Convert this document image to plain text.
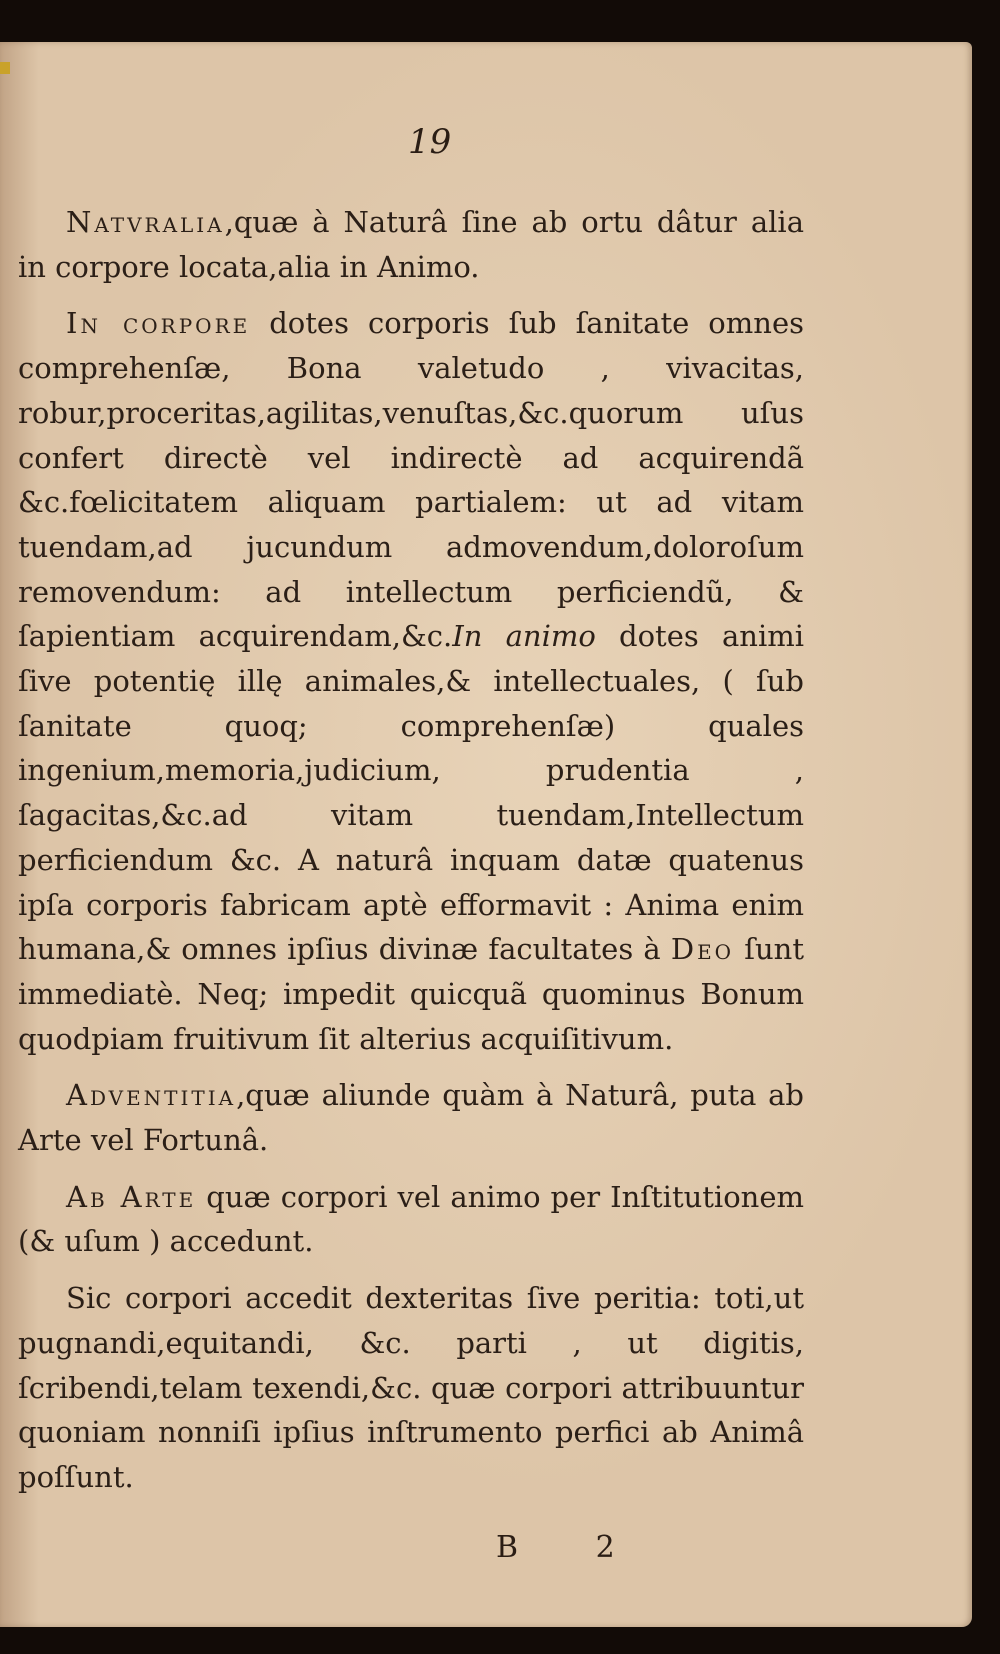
19

Natvralia,quæ à Naturâ ſine ab ortu dâtur alia in corpore locata,alia in Animo.

In corpore dotes corporis ſub ſanitate omnes comprehenſæ, Bona valetudo , vivacitas, robur,proceritas,agilitas,venuſtas,&c.quorum uſus confert directè vel indirectè ad acquirendã &c.fœlicitatem aliquam partialem: ut ad vitam tuendam,ad jucundum admovendum,doloroſum removendum: ad intellectum perficiendũ, & ſapientiam acquirendam,&c.In animo dotes animi ſive potentię illę animales,& intellectuales, ( ſub ſanitate quoq; comprehenſæ) quales ingenium,memoria,judicium, prudentia , ſagacitas,&c.ad vitam tuendam,Intellectum perficiendum &c. A naturâ inquam datæ quatenus ipſa corporis fabricam aptè efformavit : Anima enim humana,& omnes ipſius divinæ facultates à Deo ſunt immediatè. Neq; impedit quicquã quominus Bonum quodpiam fruitivum ſit alterius acquiſitivum.

Adventitia,quæ aliunde quàm à Naturâ, puta ab Arte vel Fortunâ.

Ab Arte quæ corpori vel animo per Inſtitutionem (& uſum ) accedunt.

Sic corpori accedit dexteritas ſive peritia: toti,ut pugnandi,equitandi, &c. parti , ut digitis, ſcribendi,telam texendi,&c. quæ corpori attribuuntur quoniam nonniſi ipſius inſtrumento perfici ab Animâ poſſunt.

B 2
